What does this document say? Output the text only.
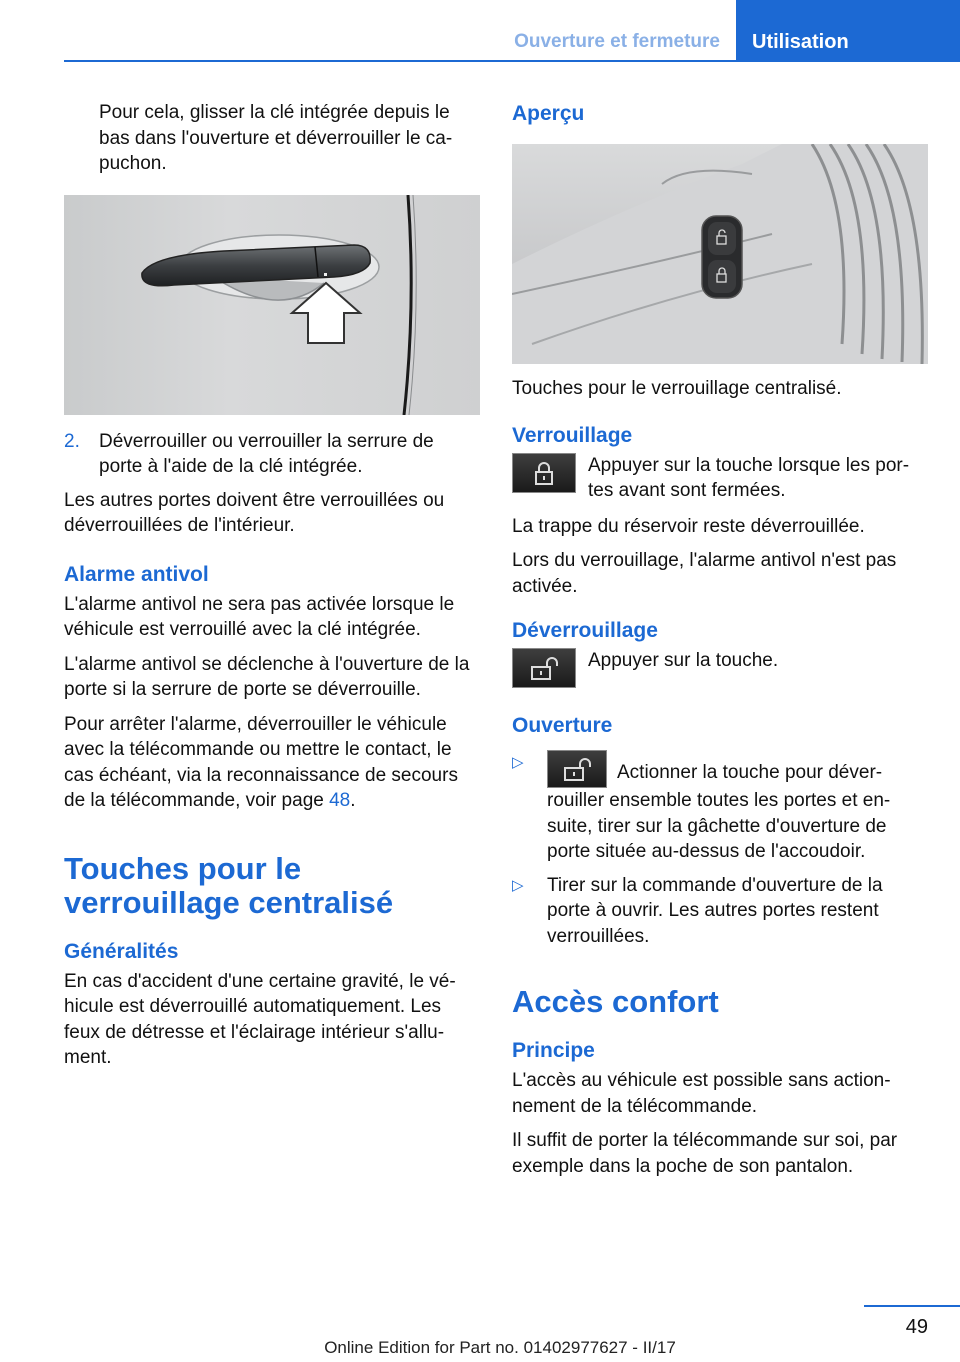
Ouverture et fermeture	Utilisation

Pour cela, glisser la clé intégrée depuis le bas dans l'ouverture et déverrouiller le capuchon.

2.	Déverrouiller ou verrouiller la serrure de porte à l'aide de la clé intégrée.

Les autres portes doivent être verrouillées ou déverrouillées de l'intérieur.

Alarme antivol

L'alarme antivol ne sera pas activée lorsque le véhicule est verrouillé avec la clé intégrée.

L'alarme antivol se déclenche à l'ouverture de la porte si la serrure de porte se déverrouille.

Pour arrêter l'alarme, déverrouiller le véhicule avec la télécommande ou mettre le contact, le cas échéant, via la reconnaissance de secours de la télécommande, voir page 48.

Touches pour le verrouillage centralisé
Généralités

En cas d'accident d'une certaine gravité, le véhicule est déverrouillé automatiquement. Les feux de détresse et l'éclairage intérieur s'allument.

Aperçu

Touches pour le verrouillage centralisé.

Verrouillage
Appuyer sur la touche lorsque les portes avant sont fermées.

La trappe du réservoir reste déverrouillée.

Lors du verrouillage, l'alarme antivol n'est pas activée.

Déverrouillage
Appuyer sur la touche.
Ouverture
▷	Actionner la touche pour déverrouiller ensemble toutes les portes et ensuite, tirer sur la gâchette d'ouverture de porte située au-dessus de l'accoudoir.
▷	Tirer sur la commande d'ouverture de la porte à ouvrir. Les autres portes restent verrouillées.
Accès confort
Principe

L'accès au véhicule est possible sans actionnement de la télécommande.

Il suffit de porter la télécommande sur soi, par exemple dans la poche de son pantalon.

49
Online Edition for Part no. 01402977627 - II/17
